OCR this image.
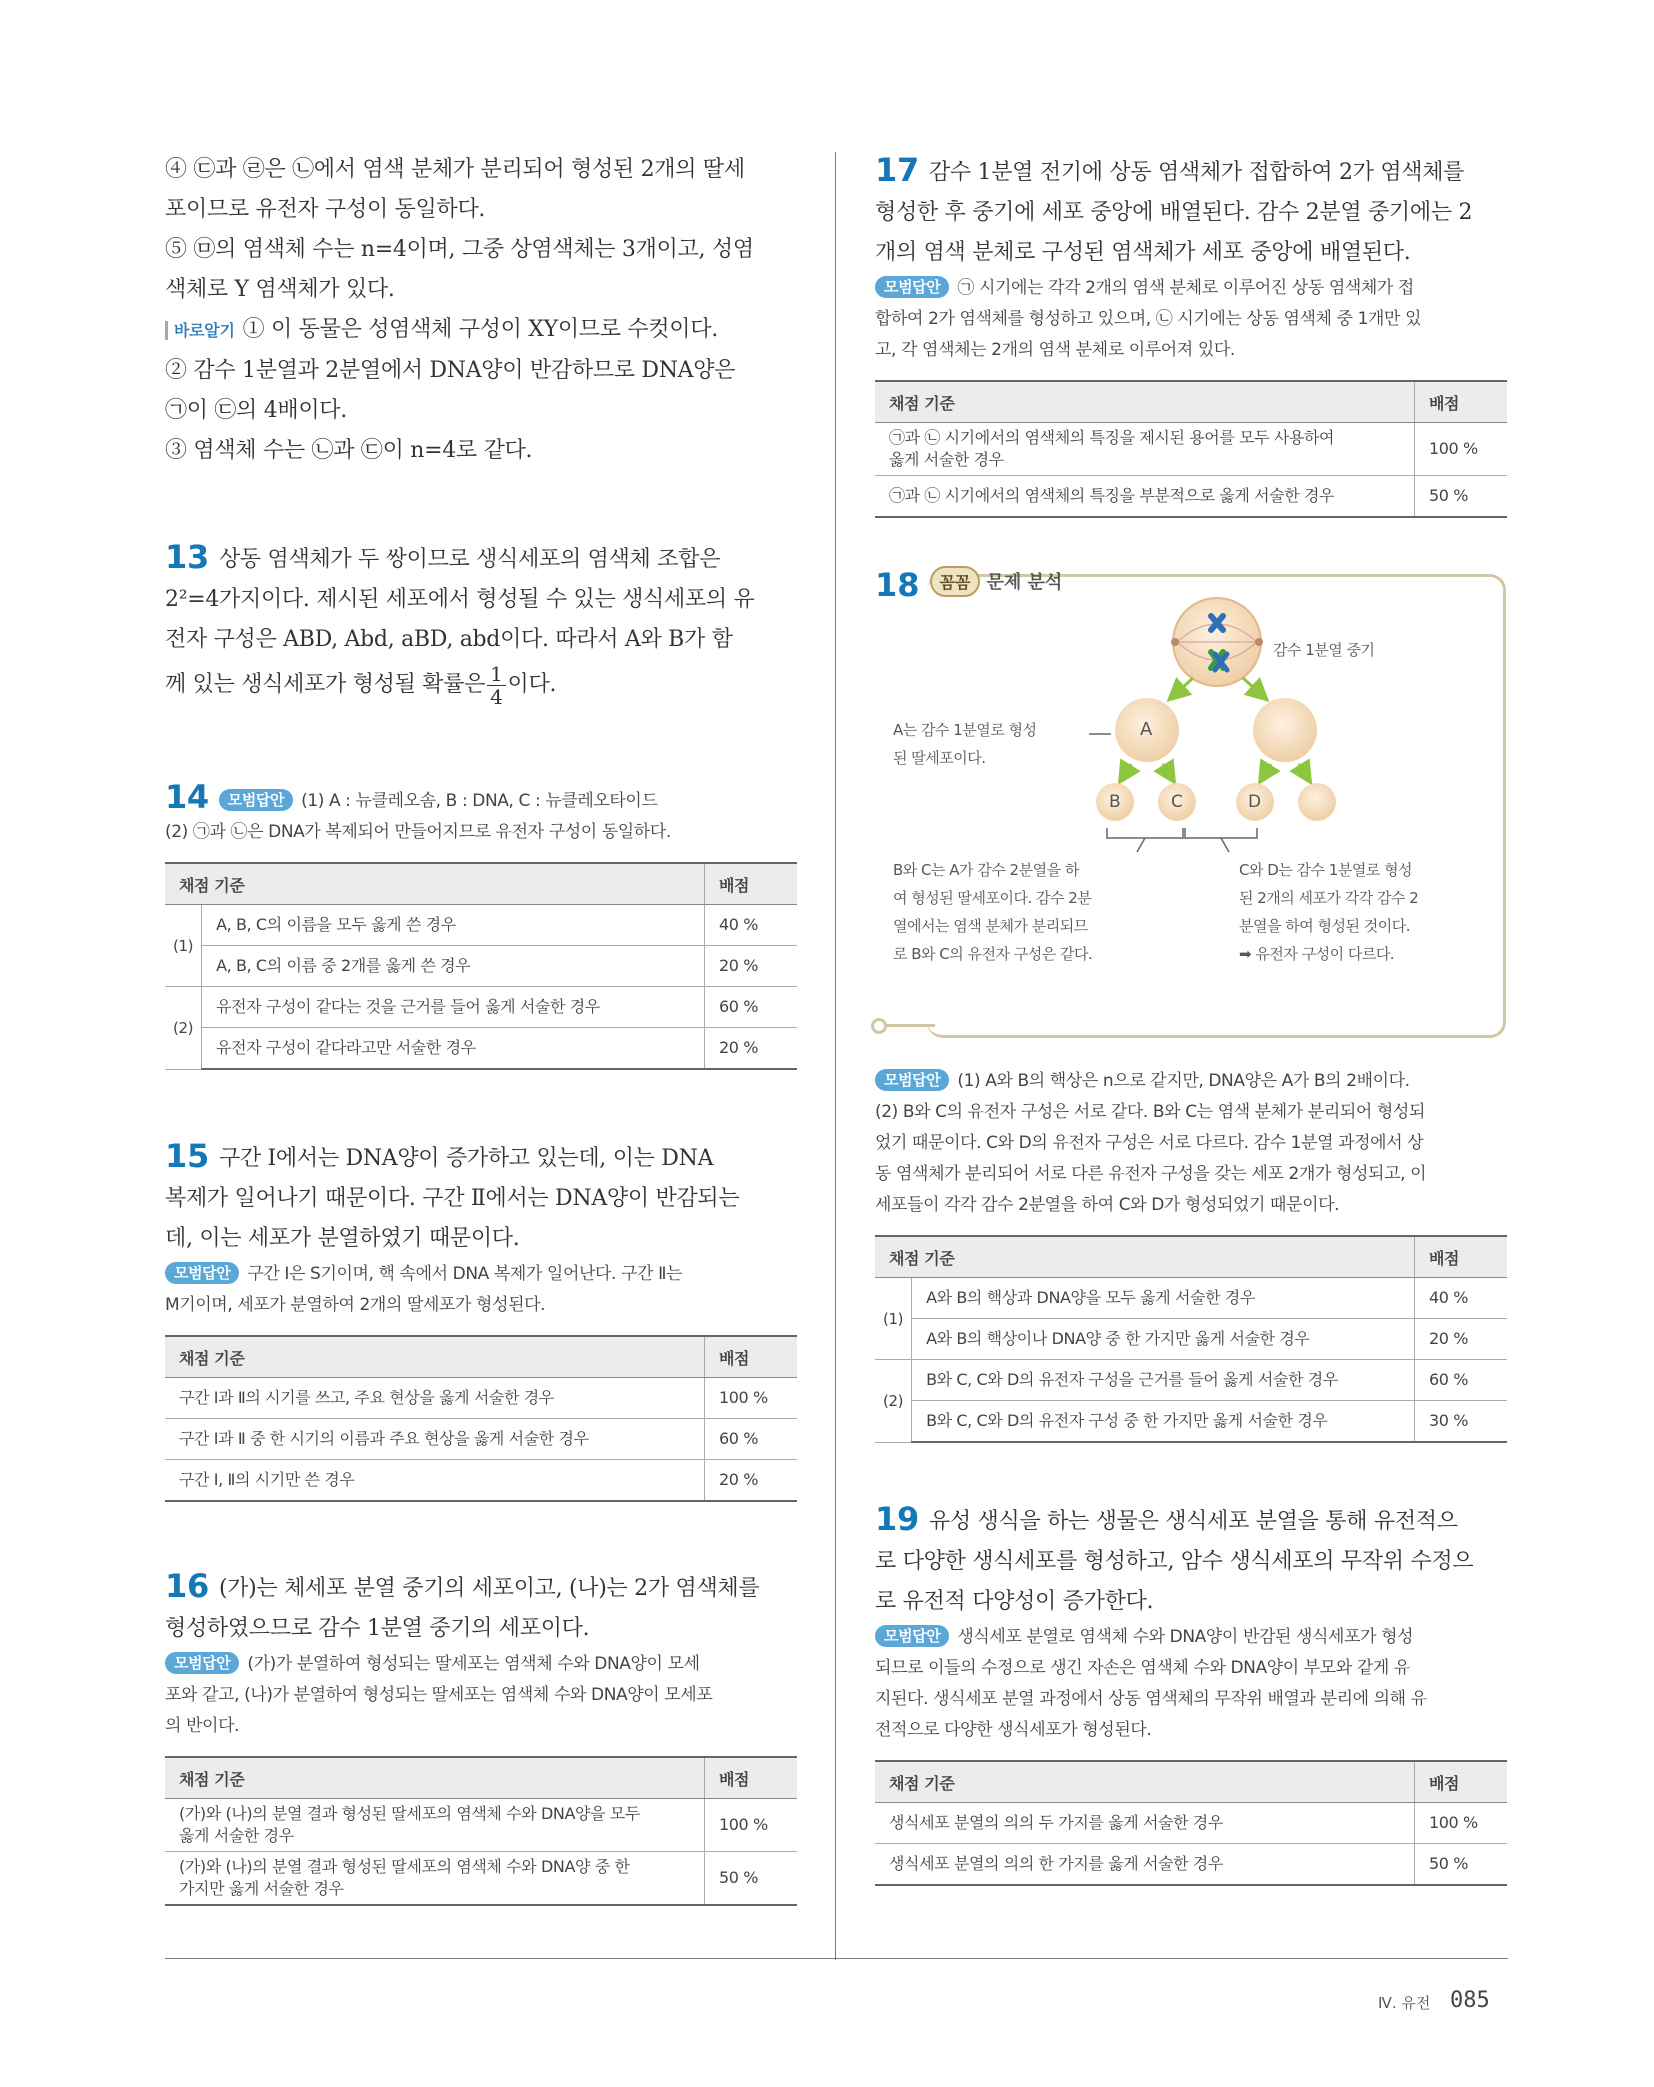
④ ㉢과 ㉣은 ㉡에서 염색 분체가 분리되어 형성된 2개의 딸세

포이므로 유전자 구성이 동일하다.

⑤ ㉤의 염색체 수는 n=4이며, 그중 상염색체는 3개이고, 성염

색체로 Y 염색체가 있다.

바로알기 ① 이 동물은 성염색체 구성이 XY이므로 수컷이다.

② 감수 1분열과 2분열에서 DNA양이 반감하므로 DNA양은

㉠이 ㉢의 4배이다.

③ 염색체 수는 ㉡과 ㉢이 n=4로 같다.

13 상동 염색체가 두 쌍이므로 생식세포의 염색체 조합은

2²=4가지이다. 제시된 세포에서 형성될 수 있는 생식세포의 유

전자 구성은 ABD, Abd, aBD, abd이다. 따라서 A와 B가 함

께 있는 생식세포가 형성될 확률은 $\frac{1}{4}$ 이다.

14 모범답안 (1) A : 뉴클레오솜, B : DNA, C : 뉴클레오타이드

(2) ㉠과 ㉡은 DNA가 복제되어 만들어지므로 유전자 구성이 동일하다.

채점 기준		배점
(1)	A, B, C의 이름을 모두 옳게 쓴 경우	40 %
	A, B, C의 이름 중 2개를 옳게 쓴 경우	20 %
(2)	유전자 구성이 같다는 것을 근거를 들어 옳게 서술한 경우	60 %
	유전자 구성이 같다라고만 서술한 경우	20 %

15 구간 Ⅰ에서는 DNA양이 증가하고 있는데, 이는 DNA

복제가 일어나기 때문이다. 구간 Ⅱ에서는 DNA양이 반감되는

데, 이는 세포가 분열하였기 때문이다.

모범답안 구간 Ⅰ은 S기이며, 핵 속에서 DNA 복제가 일어난다. 구간 Ⅱ는

M기이며, 세포가 분열하여 2개의 딸세포가 형성된다.

채점 기준	배점
구간 Ⅰ과 Ⅱ의 시기를 쓰고, 주요 현상을 옳게 서술한 경우	100 %
구간 Ⅰ과 Ⅱ 중 한 시기의 이름과 주요 현상을 옳게 서술한 경우	60 %
구간 Ⅰ, Ⅱ의 시기만 쓴 경우	20 %

16 (가)는 체세포 분열 중기의 세포이고, (나)는 2가 염색체를

형성하였으므로 감수 1분열 중기의 세포이다.

모범답안 (가)가 분열하여 형성되는 딸세포는 염색체 수와 DNA양이 모세

포와 같고, (나)가 분열하여 형성되는 딸세포는 염색체 수와 DNA양이 모세포

의 반이다.

채점 기준	배점
(가)와 (나)의 분열 결과 형성된 딸세포의 염색체 수와 DNA양을 모두
옳게 서술한 경우	100 %
(가)와 (나)의 분열 결과 형성된 딸세포의 염색체 수와 DNA양 중 한
가지만 옳게 서술한 경우	50 %

17 감수 1분열 전기에 상동 염색체가 접합하여 2가 염색체를

형성한 후 중기에 세포 중앙에 배열된다. 감수 2분열 중기에는 2

개의 염색 분체로 구성된 염색체가 세포 중앙에 배열된다.

모범답안 ㉠ 시기에는 각각 2개의 염색 분체로 이루어진 상동 염색체가 접

합하여 2가 염색체를 형성하고 있으며, ㉡ 시기에는 상동 염색체 중 1개만 있

고, 각 염색체는 2개의 염색 분체로 이루어져 있다.

채점 기준	배점
㉠과 ㉡ 시기에서의 염색체의 특징을 제시된 용어를 모두 사용하여
옳게 서술한 경우	100 %
㉠과 ㉡ 시기에서의 염색체의 특징을 부분적으로 옳게 서술한 경우	50 %
18 꼼꼼 문제 분석
감수 1분열 중기
A
B	C	D
A는 감수 1분열로 형성
된 딸세포이다.
B와 C는 A가 감수 2분열을 하
여 형성된 딸세포이다. 감수 2분
열에서는 염색 분체가 분리되므
로 B와 C의 유전자 구성은 같다.
C와 D는 감수 1분열로 형성
된 2개의 세포가 각각 감수 2
분열을 하여 형성된 것이다.
➡ 유전자 구성이 다르다.

모범답안 (1) A와 B의 핵상은 n으로 같지만, DNA양은 A가 B의 2배이다.

(2) B와 C의 유전자 구성은 서로 같다. B와 C는 염색 분체가 분리되어 형성되

었기 때문이다. C와 D의 유전자 구성은 서로 다르다. 감수 1분열 과정에서 상

동 염색체가 분리되어 서로 다른 유전자 구성을 갖는 세포 2개가 형성되고, 이

세포들이 각각 감수 2분열을 하여 C와 D가 형성되었기 때문이다.

채점 기준		배점
(1)	A와 B의 핵상과 DNA양을 모두 옳게 서술한 경우	40 %
	A와 B의 핵상이나 DNA양 중 한 가지만 옳게 서술한 경우	20 %
(2)	B와 C, C와 D의 유전자 구성을 근거를 들어 옳게 서술한 경우	60 %
	B와 C, C와 D의 유전자 구성 중 한 가지만 옳게 서술한 경우	30 %

19 유성 생식을 하는 생물은 생식세포 분열을 통해 유전적으

로 다양한 생식세포를 형성하고, 암수 생식세포의 무작위 수정으

로 유전적 다양성이 증가한다.

모범답안 생식세포 분열로 염색체 수와 DNA양이 반감된 생식세포가 형성

되므로 이들의 수정으로 생긴 자손은 염색체 수와 DNA양이 부모와 같게 유

지된다. 생식세포 분열 과정에서 상동 염색체의 무작위 배열과 분리에 의해 유

전적으로 다양한 생식세포가 형성된다.

채점 기준	배점
생식세포 분열의 의의 두 가지를 옳게 서술한 경우	100 %
생식세포 분열의 의의 한 가지를 옳게 서술한 경우	50 %
Ⅳ. 유전 085
